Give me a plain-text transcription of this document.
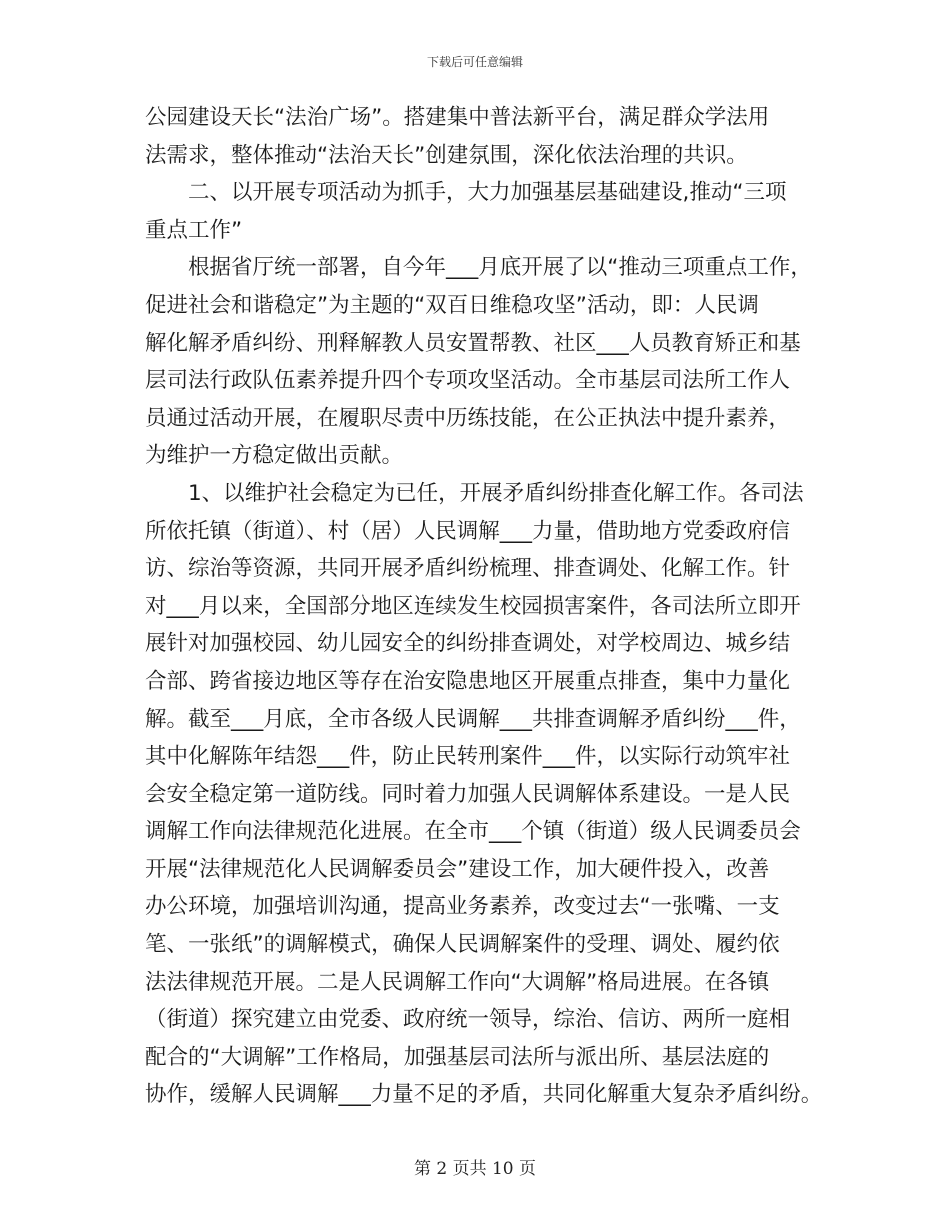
下载后可任意编辑
公园建设天长“法治广场”。搭建集中普法新平台，满足群众学法用
法需求，整体推动“法治天长”创建氛围，深化依法治理的共识。
二、以开展专项活动为抓手，大力加强基层基础建设,推动“三项
重点工作”
根据省厅统一部署，自今年___月底开展了以“推动三项重点工作，
促进社会和谐稳定”为主题的“双百日维稳攻坚”活动，即：人民调
解化解矛盾纠纷、刑释解教人员安置帮教、社区___人员教育矫正和基
层司法行政队伍素养提升四个专项攻坚活动。全市基层司法所工作人
员通过活动开展，在履职尽责中历练技能，在公正执法中提升素养，
为维护一方稳定做出贡献。
1、以维护社会稳定为已任，开展矛盾纠纷排查化解工作。各司法
所依托镇（街道）、村（居）人民调解___力量，借助地方党委政府信
访、综治等资源，共同开展矛盾纠纷梳理、排查调处、化解工作。针
对___月以来，全国部分地区连续发生校园损害案件，各司法所立即开
展针对加强校园、幼儿园安全的纠纷排查调处，对学校周边、城乡结
合部、跨省接边地区等存在治安隐患地区开展重点排查，集中力量化
解。截至___月底，全市各级人民调解___共排查调解矛盾纠纷___件，
其中化解陈年结怨___件，防止民转刑案件___件，以实际行动筑牢社
会安全稳定第一道防线。同时着力加强人民调解体系建设。一是人民
调解工作向法律规范化进展。在全市___个镇（街道）级人民调委员会
开展“法律规范化人民调解委员会”建设工作，加大硬件投入，改善
办公环境，加强培训沟通，提高业务素养，改变过去“一张嘴、一支
笔、一张纸”的调解模式，确保人民调解案件的受理、调处、履约依
法法律规范开展。二是人民调解工作向“大调解”格局进展。在各镇
（街道）探究建立由党委、政府统一领导，综治、信访、两所一庭相
配合的“大调解”工作格局，加强基层司法所与派出所、基层法庭的
协作，缓解人民调解___力量不足的矛盾，共同化解重大复杂矛盾纠纷。
第 2 页共 10 页
